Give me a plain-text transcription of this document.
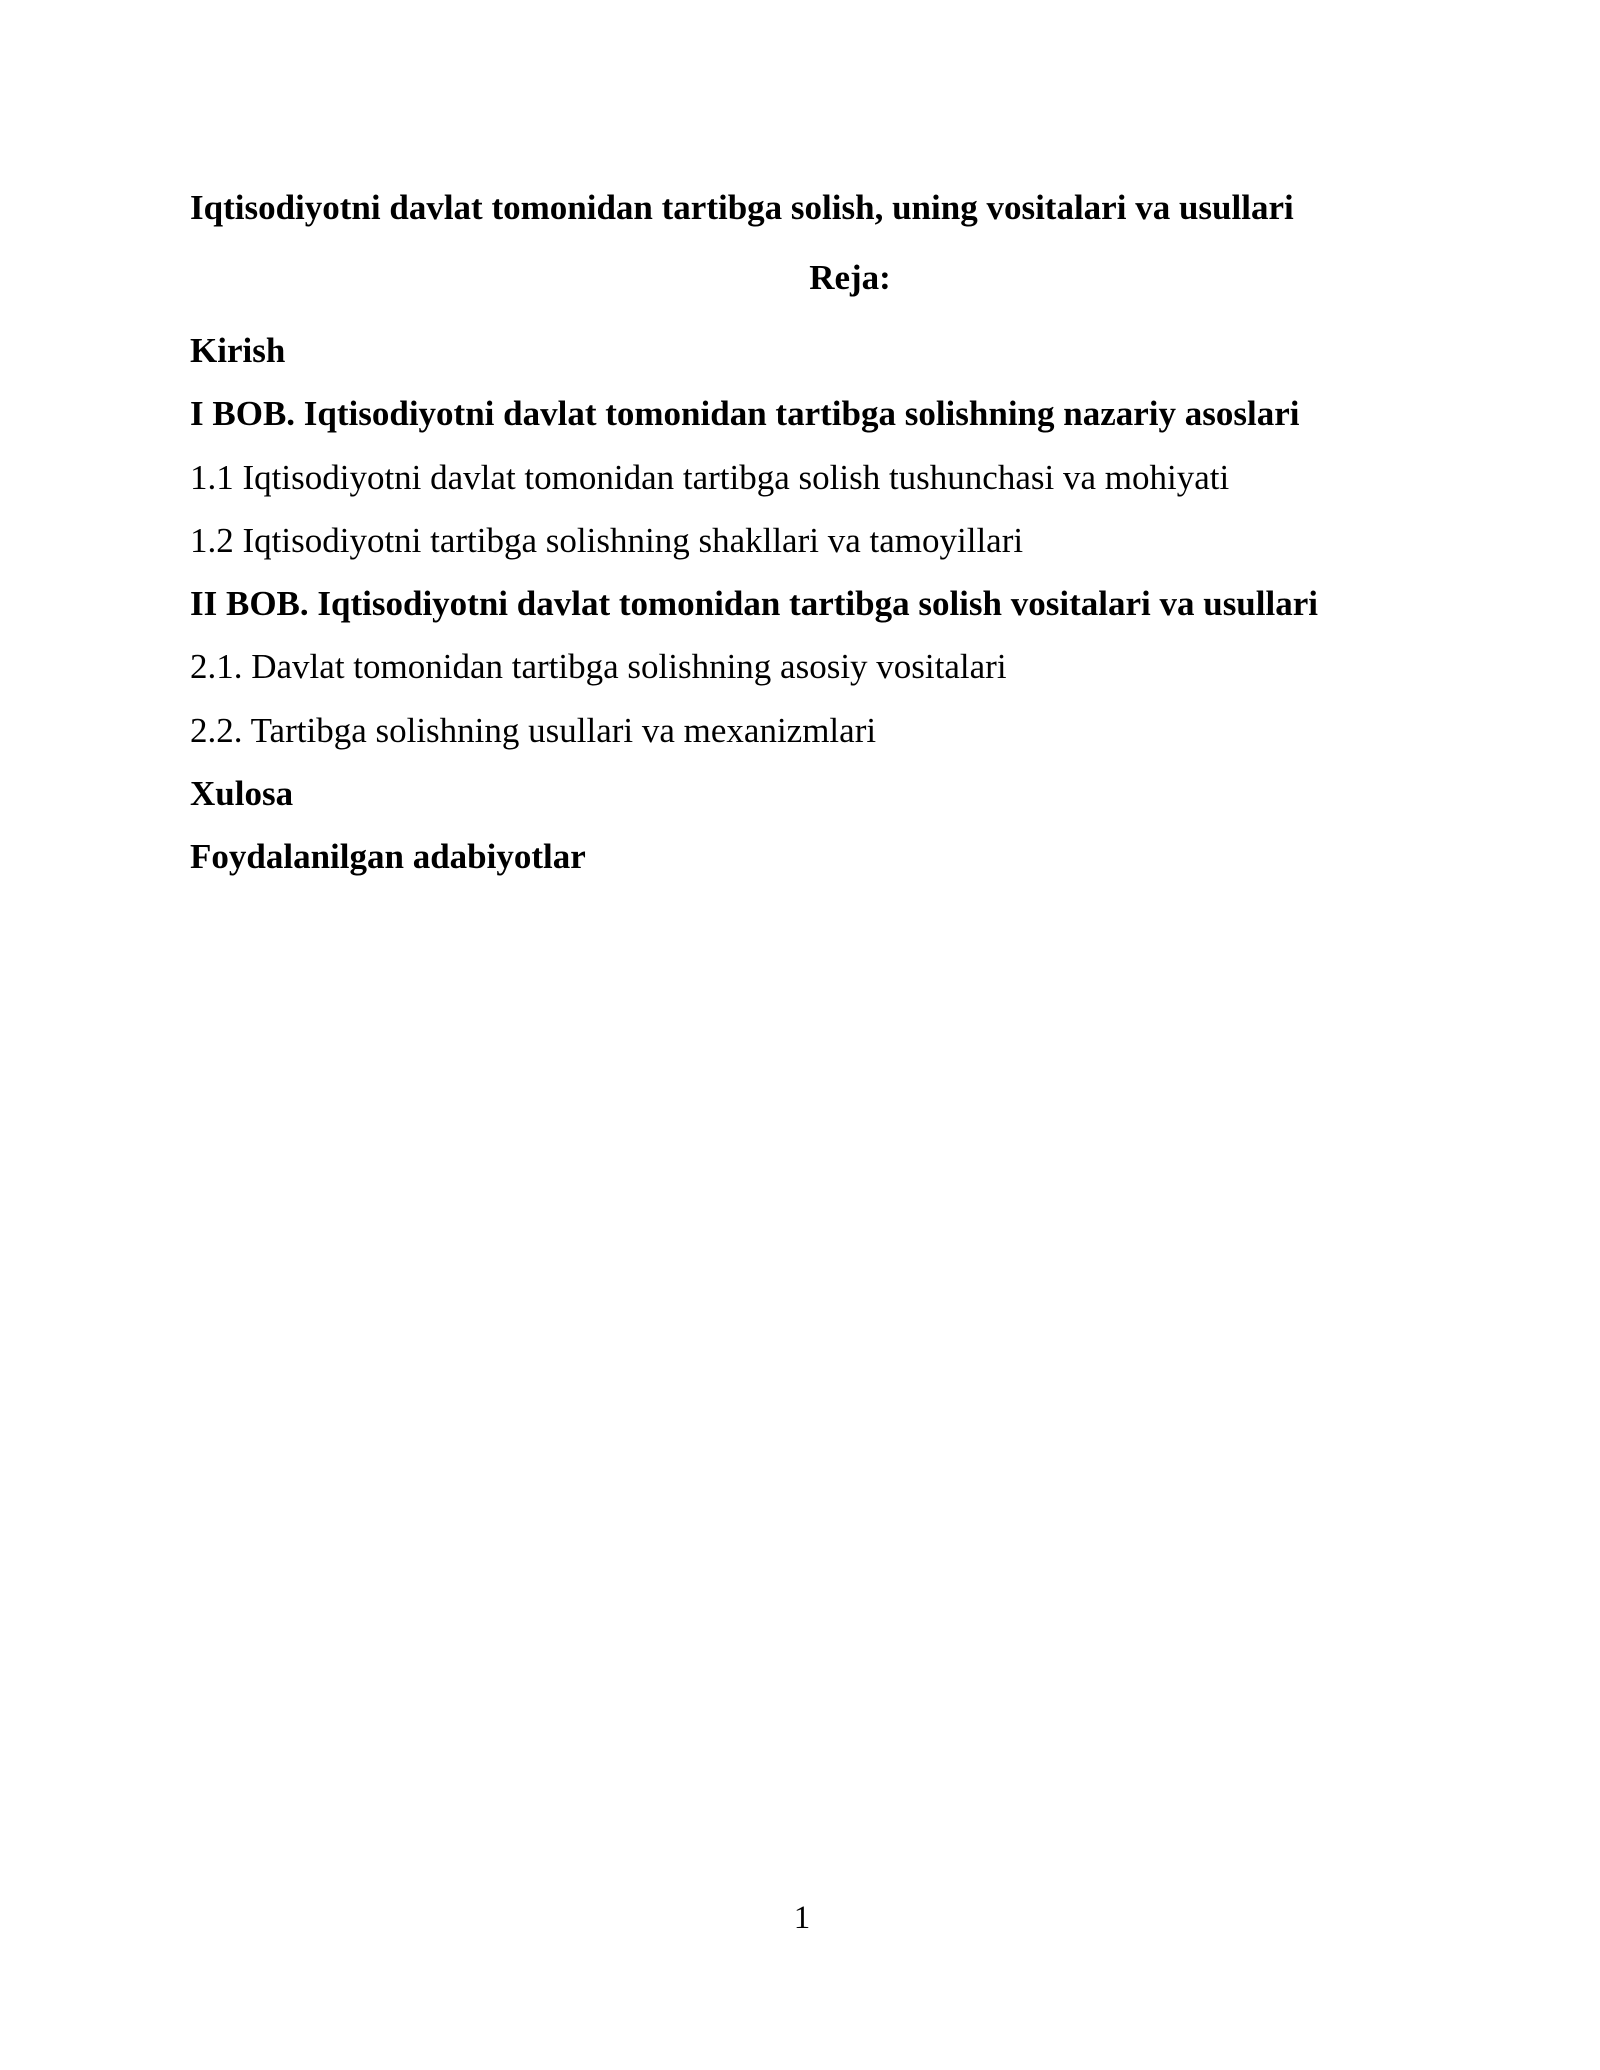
Iqtisodiyotni davlat tomonidan tartibga solish, uning vositalari va usullari
Reja:
Kirish
I BOB. Iqtisodiyotni davlat tomonidan tartibga solishning nazariy asoslari
1.1 Iqtisodiyotni davlat tomonidan tartibga solish tushunchasi va mohiyati
1.2 Iqtisodiyotni tartibga solishning shakllari va tamoyillari
II BOB. Iqtisodiyotni davlat tomonidan tartibga solish vositalari va usullari
2.1. Davlat tomonidan tartibga solishning asosiy vositalari
2.2. Tartibga solishning usullari va mexanizmlari
Xulosa
Foydalanilgan adabiyotlar
1
